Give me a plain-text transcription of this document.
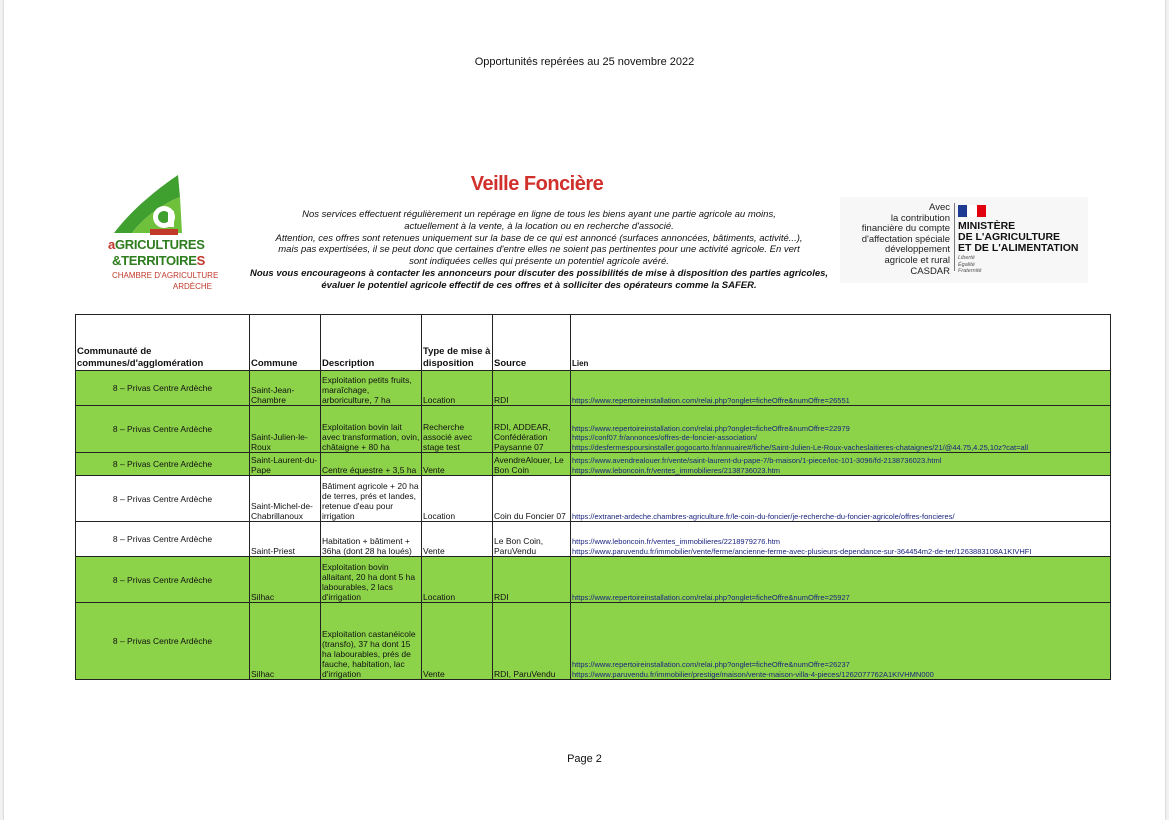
Opportunités repérées au 25 novembre 2022
aGRICULTURES
&TERRITOIRES
CHAMBRE D'AGRICULTURE
ARDÈCHE
Veille Foncière
Nos services effectuent régulièrement un repérage en ligne de tous les biens ayant une partie agricole au moins,
actuellement à la vente, à la location ou en recherche d'associé.
Attention, ces offres sont retenues uniquement sur la base de ce qui est annoncé (surfaces annoncées, bâtiments, activité...),
mais pas expertisées, il se peut donc que certaines d'entre elles ne soient pas pertinentes pour une activité agricole. En vert
sont indiquées celles qui présente un potentiel agricole avéré.
Nous vous encourageons à contacter les annonceurs pour discuter des possibilités de mise à disposition des parties agricoles,
évaluer le potentiel agricole effectif de ces offres et à solliciter des opérateurs comme la SAFER.
Avec
la contribution
financière du compte
d'affectation spéciale
développement
agricole et rural
CASDAR
MINISTÈRE
DE L'AGRICULTURE
ET DE L'ALIMENTATION
Liberté
Égalité
Fraternité
Communauté de communes/d'agglomération	Commune	Description	Type de mise à disposition	Source	Lien
8 – Privas Centre Ardèche	Saint-Jean-Chambre	Exploitation petits fruits, maraîchage, arboriculture, 7 ha	Location	RDI	https://www.repertoireinstallation.com/relai.php?onglet=ficheOffre&numOffre=26551

8 – Privas Centre Ardèche	Saint-Julien-le-Roux	Exploitation bovin lait avec transformation, ovin, châtaigne + 80 ha	Recherche associé avec stage test	RDI, ADDEAR, Confédération Paysanne 07	https://www.repertoireinstallation.com/relai.php?onglet=ficheOffre&numOffre=22979
https://conf07.fr/annonces/offres-de-foncier-association/
https://desfermespoursinstaller.gogocarto.fr/annuaire#/fiche/Saint-Julien-Le-Roux-vacheslaitieres-chataignes/21/@44.75,4.25,10z?cat=all

8 – Privas Centre Ardèche	Saint-Laurent-du-Pape	Centre équestre + 3,5 ha	Vente	AvendreAlouer, Le Bon Coin	https://www.avendrealouer.fr/vente/saint-laurent-du-pape-7/b-maison/1-piece/loc-101-3096/fd-2138736023.html
https://www.leboncoin.fr/ventes_immobilieres/2138736023.htm

8 – Privas Centre Ardèche	Saint-Michel-de-Chabrillanoux	Bâtiment agricole + 20 ha de terres, prés et landes, retenue d'eau pour irrigation	Location	Coin du Foncier 07	https://extranet-ardeche.chambres-agriculture.fr/le-coin-du-foncier/je-recherche-du-foncier-agricole/offres-foncieres/

8 – Privas Centre Ardèche	Saint-Priest	Habitation + bâtiment + 36ha (dont 28 ha loués)	Vente	Le Bon Coin, ParuVendu	https://www.leboncoin.fr/ventes_immobilieres/2218979276.htm
https://www.paruvendu.fr/immobilier/vente/ferme/ancienne-ferme-avec-plusieurs-dependance-sur-364454m2-de-ter/1263883108A1KIVHFI

8 – Privas Centre Ardèche	Silhac	Exploitation bovin allaitant, 20 ha dont 5 ha labourables, 2 lacs d'irrigation	Location	RDI	https://www.repertoireinstallation.com/relai.php?onglet=ficheOffre&numOffre=25927

8 – Privas Centre Ardèche	Silhac	Exploitation castanéicole (transfo), 37 ha dont 15 ha labourables, prés de fauche, habitation, lac d'irrigation	Vente	RDI, ParuVendu	https://www.repertoireinstallation.com/relai.php?onglet=ficheOffre&numOffre=26237
https://www.paruvendu.fr/immobilier/prestige/maison/vente-maison-villa-4-pieces/1262077762A1KIVHMN000
Page 2
